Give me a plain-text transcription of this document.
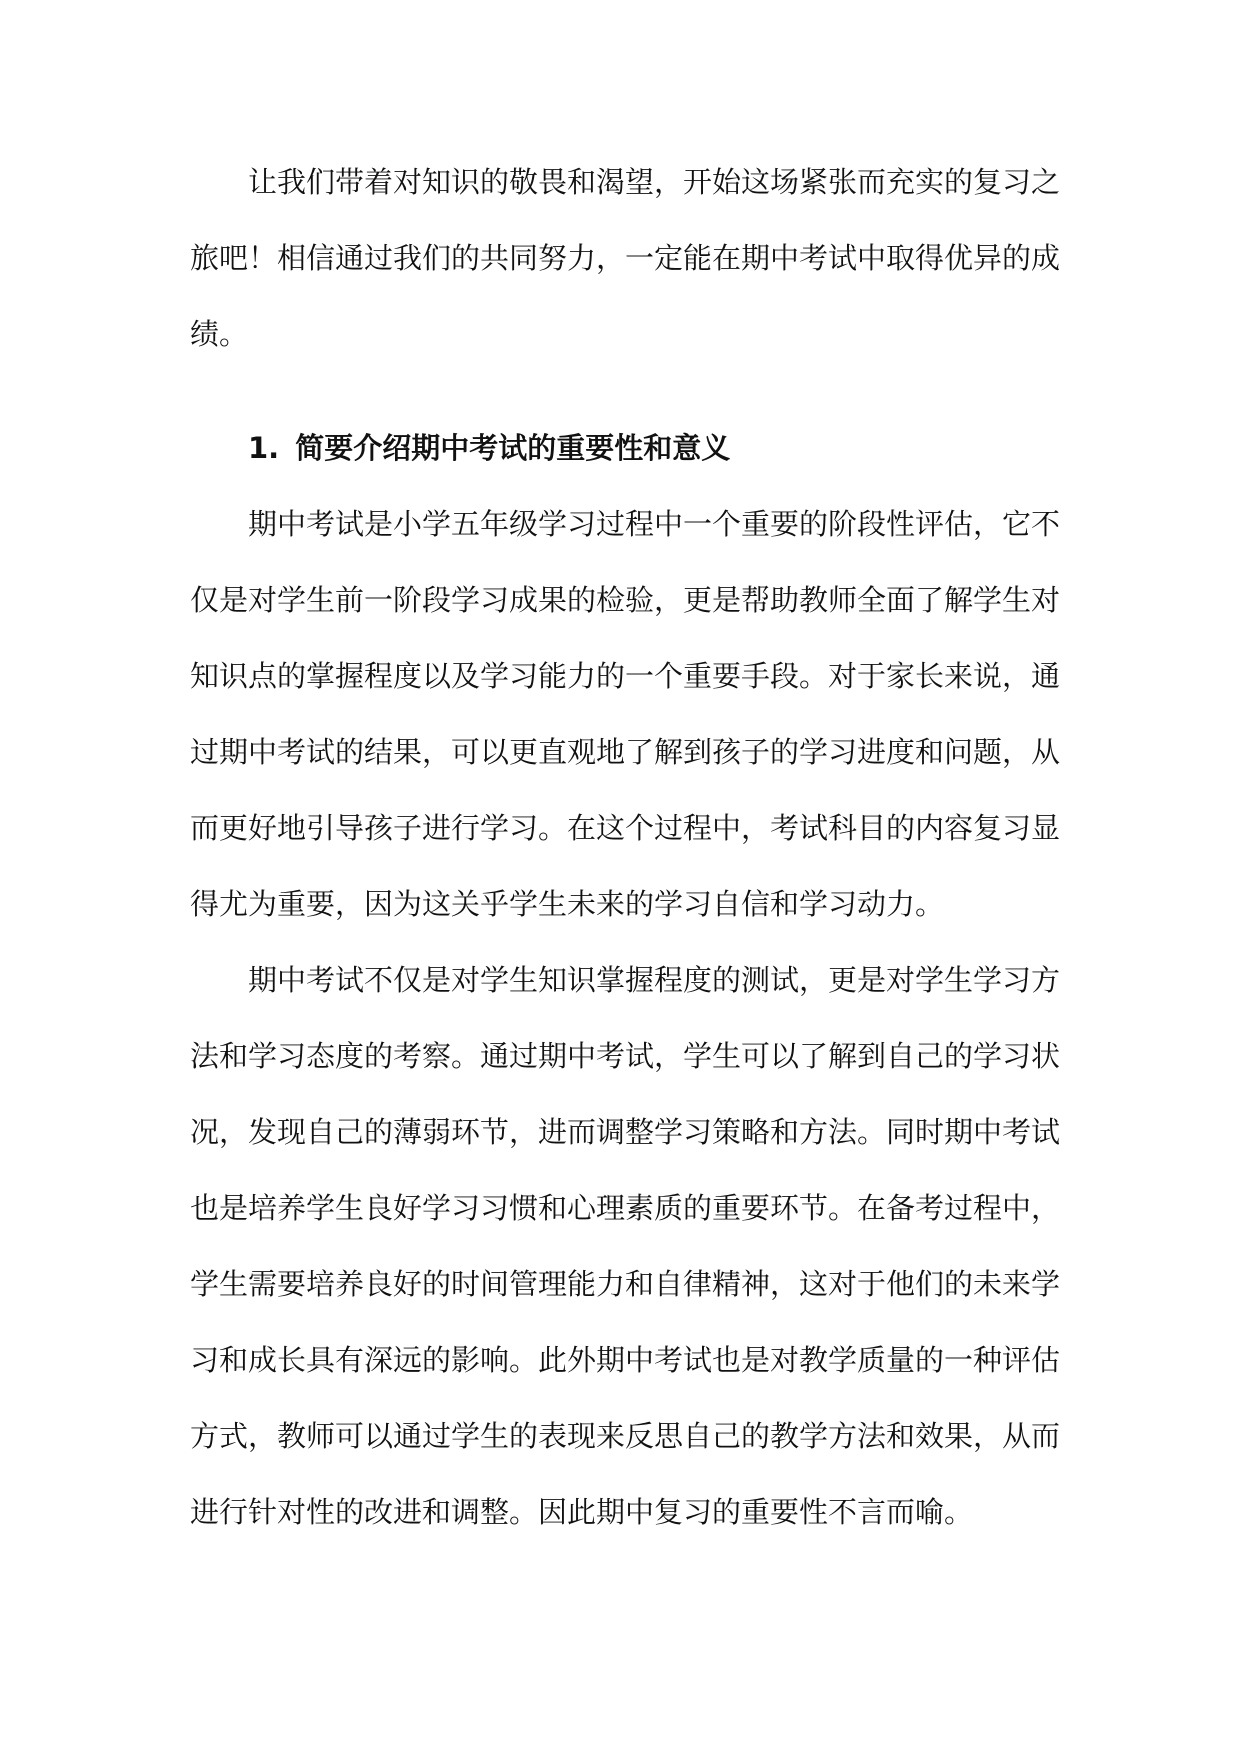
让我们带着对知识的敬畏和渴望，开始这场紧张而充实的复习之旅吧！相信通过我们的共同努力，一定能在期中考试中取得优异的成绩。

1. 简要介绍期中考试的重要性和意义

期中考试是小学五年级学习过程中一个重要的阶段性评估，它不仅是对学生前一阶段学习成果的检验，更是帮助教师全面了解学生对知识点的掌握程度以及学习能力的一个重要手段。对于家长来说，通过期中考试的结果，可以更直观地了解到孩子的学习进度和问题，从而更好地引导孩子进行学习。在这个过程中，考试科目的内容复习显得尤为重要，因为这关乎学生未来的学习自信和学习动力。

期中考试不仅是对学生知识掌握程度的测试，更是对学生学习方法和学习态度的考察。通过期中考试，学生可以了解到自己的学习状况，发现自己的薄弱环节，进而调整学习策略和方法。同时期中考试也是培养学生良好学习习惯和心理素质的重要环节。在备考过程中，学生需要培养良好的时间管理能力和自律精神，这对于他们的未来学习和成长具有深远的影响。此外期中考试也是对教学质量的一种评估方式，教师可以通过学生的表现来反思自己的教学方法和效果，从而进行针对性的改进和调整。因此期中复习的重要性不言而喻。
